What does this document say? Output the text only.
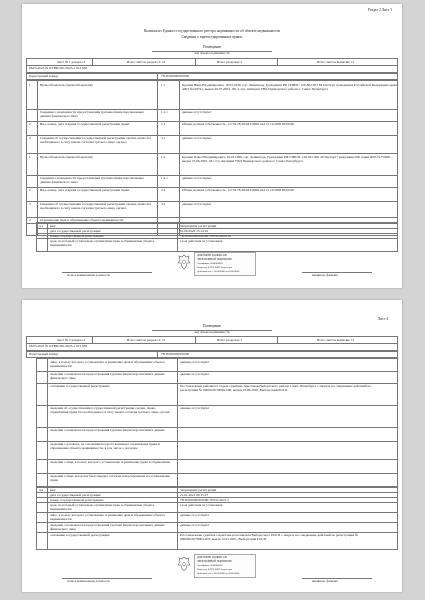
Раздел 2 Лист 3
Выписка из Единого государственного реестра недвижимости об объекте недвижимости
Сведения о зарегистрированных правах
Помещение
вид объекта недвижимости
Лист № 1 раздела 2	Всего листов раздела 2: 10	Всего разделов: 5	Всего листов выписки: 10
06.03.2023 № КУВИ-001/2023-1 013 956
Кадастровый номер:	78:36:0000000:0000
1	Правообладатель (правообладатели):	1.1	Кремня Нина Владимировна, 19.03.1939, гор. Ленинград, Гражданин РФ СНИЛС 120-802-957 94 Паспорт гражданина Российской Федерации серия 4003 №218741, выдан 26.07.2003, 181-5 отд. милиции УВД Приморского района г. Санкт-Петербурга
Сведения о возможности предоставления третьим лицам персональных данных физического лица
1.1.1	данные отсутствуют
2	Вид, номер, дата и время государственной регистрации права:	2.1	Общая долевая собственность, 1/2 78-78-36/043/2008-244 15.10.2008 00:00:00
3	Сведения об осуществлении государственной регистрации сделки, права без необходимого в силу закона согласия третьего лица, органа:
3.1	данные отсутствуют
1	Правообладатель (правообладатели):	1.2	Кремня Павел Владимирович, 19.03.1969, гор. Ленинград, Гражданин РФ СНИЛС 120-847-981 26 Паспорт гражданина РФ серия 4003 №759481, выдан 15.06.2005, 181 отд. милиции УВД Приморского района г. Санкт-Петербурга
Сведения о возможности предоставления третьим лицам персональных данных физического лица
1.2.1	данные отсутствуют
2	Вид, номер, дата и время государственной регистрации права:	2.2	Общая долевая собственность, 1/2 78-78-36/043/2008-244 15.10.2008 00:00:00
3	Сведения об осуществлении государственной регистрации сделки, права без необходимого в силу закона согласия третьего лица, органа:
3.2	данные отсутствуют
4	Ограничение прав и обременение объекта недвижимости:
4.1 вид:	Запрещение регистрации
дата государственной регистрации:	01.09.2020 13:14:16
номер государственной регистрации:	78:36:0000000:0000-78/011/2020-10
срок, на который установлено ограничение прав и обременение объекта недвижимости:
Срок действия не установлен
ДОКУМЕНТ ПОДПИСАН
ЭЛЕКТРОННОЙ ПОДПИСЬЮ
Сертификат: 0000000000
Владелец: ФГБУ ФКП Росреестра
Действителен: с 00.00.0000 по 00.00.0000
полное наименование должности	инициалы, фамилия
Лист 4
Помещение
вид объекта недвижимости
Лист № 2 раздела 2	Всего листов раздела 2: 10	Всего разделов: 5	Всего листов выписки: 10
06.03.2023 № КУВИ-001/2023-1 013 956
Кадастровый номер:	78:36:0000000:0000
лицо, в пользу которого установлены ограничение прав и обременение объекта недвижимости:
данные отсутствуют
сведения о возможности предоставления третьим лицам персональных данных физического лица
данные отсутствуют
основание государственной регистрации:	Постановление районного отдела судебных приставов Выборгского района Санкт-Петербурга о запрете на совершение действий по регистрации № 00000/20/78002-ИП, выдан 01.09.2020, Выборгский РОСП
сведения об осуществлении государственной регистрации сделки, права, ограничения права без необходимого в силу закона согласия третьего лица, органа:
данные отсутствуют
сведения о возможности предоставления третьим лицам персональных данных
сведения о договоре, на основании которого возникает ограничение права и обременение объекта недвижимости, в том числе о договоре
сведения о лице, в пользу которого установлены ограничение права и обременение
сведения о лице, которому было выдано согласие или разрешение на установление права
4.2 вид:	Запрещение регистрации
дата государственной регистрации:	21.01.2021 09:15:27
номер государственной регистрации:	78:36:0000000:0000-78/011/2021-7
срок, на который установлено ограничение прав и обременение объекта недвижимости:
Срок действия не установлен
лицо, в пользу которого установлены ограничение прав и обременение объекта недвижимости:
данные отсутствуют
сведения о возможности предоставления третьим лицам персональных данных физического лица
данные отсутствуют
основание государственной регистрации:	Постановление судебного пристава-исполнителя Выборгского РОСП о запрете на совершение действий по регистрации № 000000/20/78002-ИП, выдан 12.01.2021, Выборгский РОСП
ДОКУМЕНТ ПОДПИСАН
ЭЛЕКТРОННОЙ ПОДПИСЬЮ
Сертификат: 0000000000
Владелец: ФГБУ ФКП Росреестра
Действителен: с 00.00.0000 по 00.00.0000
полное наименование должности	инициалы, фамилия
